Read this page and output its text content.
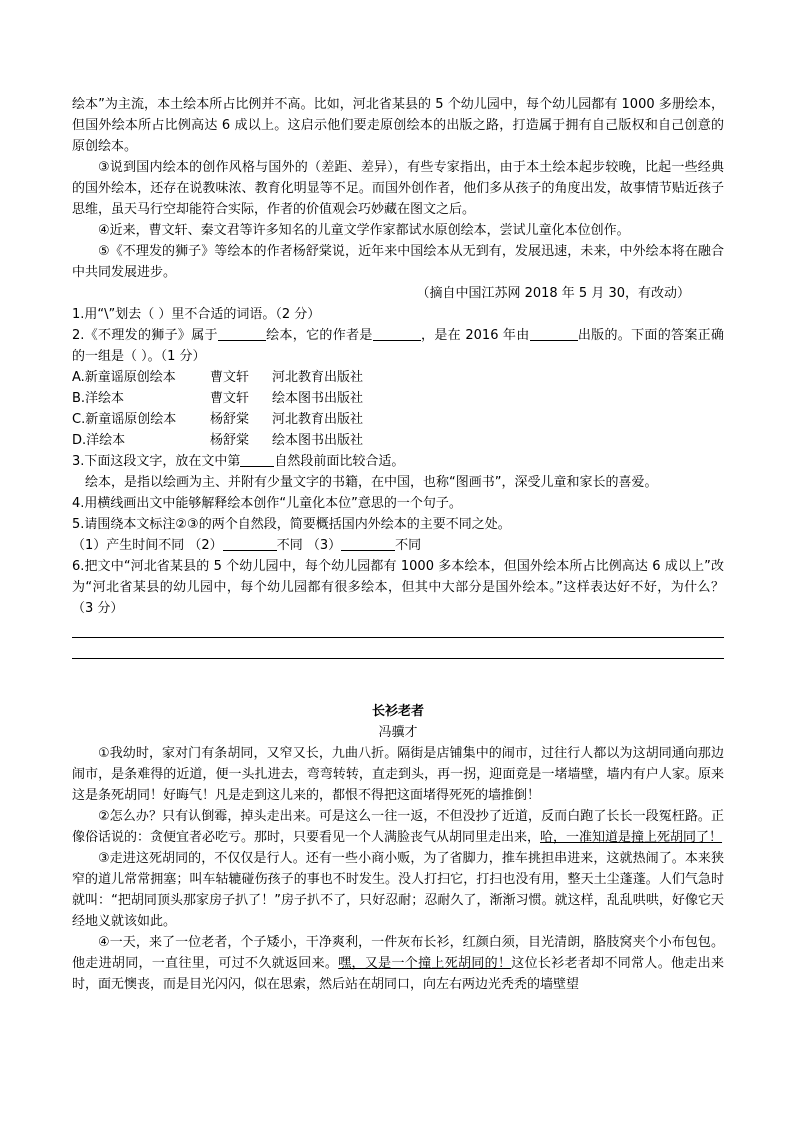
绘本”为主流，本土绘本所占比例并不高。比如，河北省某县的 5 个幼儿园中，每个幼儿园都有 1000 多册绘本，但国外绘本所占比例高达 6 成以上。这启示他们要走原创绘本的出版之路，打造属于拥有自己版权和自己创意的原创绘本。

③说到国内绘本的创作风格与国外的（差距、差异），有些专家指出，由于本土绘本起步较晚，比起一些经典的国外绘本，还存在说教味浓、教育化明显等不足。而国外创作者，他们多从孩子的角度出发，故事情节贴近孩子思维，虽天马行空却能符合实际，作者的价值观会巧妙藏在图文之后。

④近来，曹文轩、秦文君等许多知名的儿童文学作家都试水原创绘本，尝试儿童化本位创作。

⑤《不理发的狮子》等绘本的作者杨舒棠说，近年来中国绘本从无到有，发展迅速，未来，中外绘本将在融合中共同发展进步。

（摘自中国江苏网 2018 年 5 月 30，有改动）

1.用“\”划去（ ）里不合适的词语。（2 分）

2.《不理发的狮子》属于	绘本，它的作者是	，是在 2016 年由	出版的。下面的答案正确的一组是（ ）。（1 分）

A.新童谣原创绘本	曹文轩	河北教育出版社
B.洋绘本	曹文轩	绘本图书出版社
C.新童谣原创绘本	杨舒棠	河北教育出版社
D.洋绘本	杨舒棠	绘本图书出版社

3.下面这段文字，放在文中第	自然段前面比较合适。

绘本，是指以绘画为主、并附有少量文字的书籍，在中国，也称“图画书”，深受儿童和家长的喜爱。

4.用横线画出文中能够解释绘本创作“儿童化本位”意思的一个句子。

5.请围绕本文标注②③的两个自然段，简要概括国内外绘本的主要不同之处。

（1）产生时间不同 （2）	不同 （3）	不同

6.把文中“河北省某县的 5 个幼儿园中，每个幼儿园都有 1000 多本绘本，但国外绘本所占比例高达 6 成以上”改为“河北省某县的幼儿园中，每个幼儿园都有很多绘本，但其中大部分是国外绘本。”这样表达好不好，为什么？（3 分）

长衫老者
冯骥才

①我幼时，家对门有条胡同，又窄又长，九曲八折。隔街是店铺集中的闹市，过往行人都以为这胡同通向那边闹市，是条难得的近道，便一头扎进去，弯弯转转，直走到头，再一拐，迎面竟是一堵墙壁，墙内有户人家。原来这是条死胡同！好晦气！凡是走到这儿来的，都恨不得把这面堵得死死的墙推倒！

②怎么办？只有认倒霉，掉头走出来。可是这么一往一返，不但没抄了近道，反而白跑了长长一段冤枉路。正像俗话说的：贪便宜者必吃亏。那时，只要看见一个人满脸丧气从胡同里走出来，哈，一准知道是撞上死胡同了！

③走进这死胡同的，不仅仅是行人。还有一些小商小贩，为了省脚力，推车挑担串进来，这就热闹了。本来狭窄的道儿常常拥塞；叫车轱辘碰伤孩子的事也不时发生。没人打扫它，打扫也没有用，整天土尘蓬蓬。人们气急时就叫：“把胡同顶头那家房子扒了！”房子扒不了，只好忍耐；忍耐久了，渐渐习惯。就这样，乱乱哄哄，好像它天经地义就该如此。

④一天，来了一位老者，个子矮小，干净爽利，一件灰布长衫，红颜白须，目光清朗，胳肢窝夹个小布包包。他走进胡同，一直往里，可过不久就返回来。嘿，又是一个撞上死胡同的！这位长衫老者却不同常人。他走出来时，面无懊丧，而是目光闪闪，似在思索，然后站在胡同口，向左右两边光秃秃的墙壁望
